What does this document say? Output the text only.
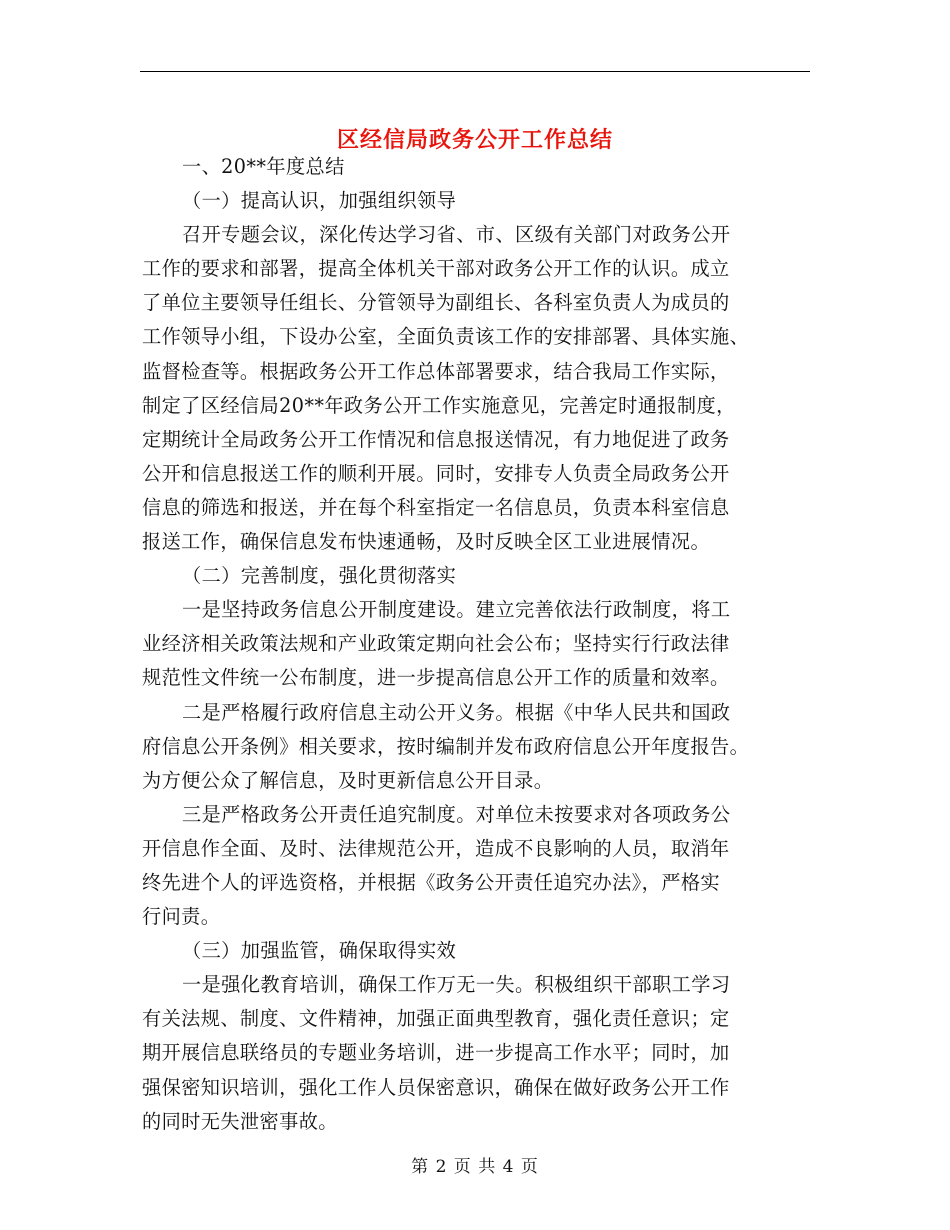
区经信局政务公开工作总结

一、20**年度总结

（一）提高认识，加强组织领导

召开专题会议，深化传达学习省、市、区级有关部门对政务公开

工作的要求和部署，提高全体机关干部对政务公开工作的认识。成立

了单位主要领导任组长、分管领导为副组长、各科室负责人为成员的

工作领导小组，下设办公室，全面负责该工作的安排部署、具体实施、

监督检查等。根据政务公开工作总体部署要求，结合我局工作实际，

制定了区经信局20**年政务公开工作实施意见，完善定时通报制度，

定期统计全局政务公开工作情况和信息报送情况，有力地促进了政务

公开和信息报送工作的顺利开展。同时，安排专人负责全局政务公开

信息的筛选和报送，并在每个科室指定一名信息员，负责本科室信息

报送工作，确保信息发布快速通畅，及时反映全区工业进展情况。

（二）完善制度，强化贯彻落实

一是坚持政务信息公开制度建设。建立完善依法行政制度，将工

业经济相关政策法规和产业政策定期向社会公布；坚持实行行政法律

规范性文件统一公布制度，进一步提高信息公开工作的质量和效率。

二是严格履行政府信息主动公开义务。根据《中华人民共和国政

府信息公开条例》相关要求，按时编制并发布政府信息公开年度报告。

为方便公众了解信息，及时更新信息公开目录。

三是严格政务公开责任追究制度。对单位未按要求对各项政务公

开信息作全面、及时、法律规范公开，造成不良影响的人员，取消年

终先进个人的评选资格，并根据《政务公开责任追究办法》，严格实

行问责。

（三）加强监管，确保取得实效

一是强化教育培训，确保工作万无一失。积极组织干部职工学习

有关法规、制度、文件精神，加强正面典型教育，强化责任意识；定

期开展信息联络员的专题业务培训，进一步提高工作水平；同时，加

强保密知识培训，强化工作人员保密意识，确保在做好政务公开工作

的同时无失泄密事故。

第 2 页 共 4 页
